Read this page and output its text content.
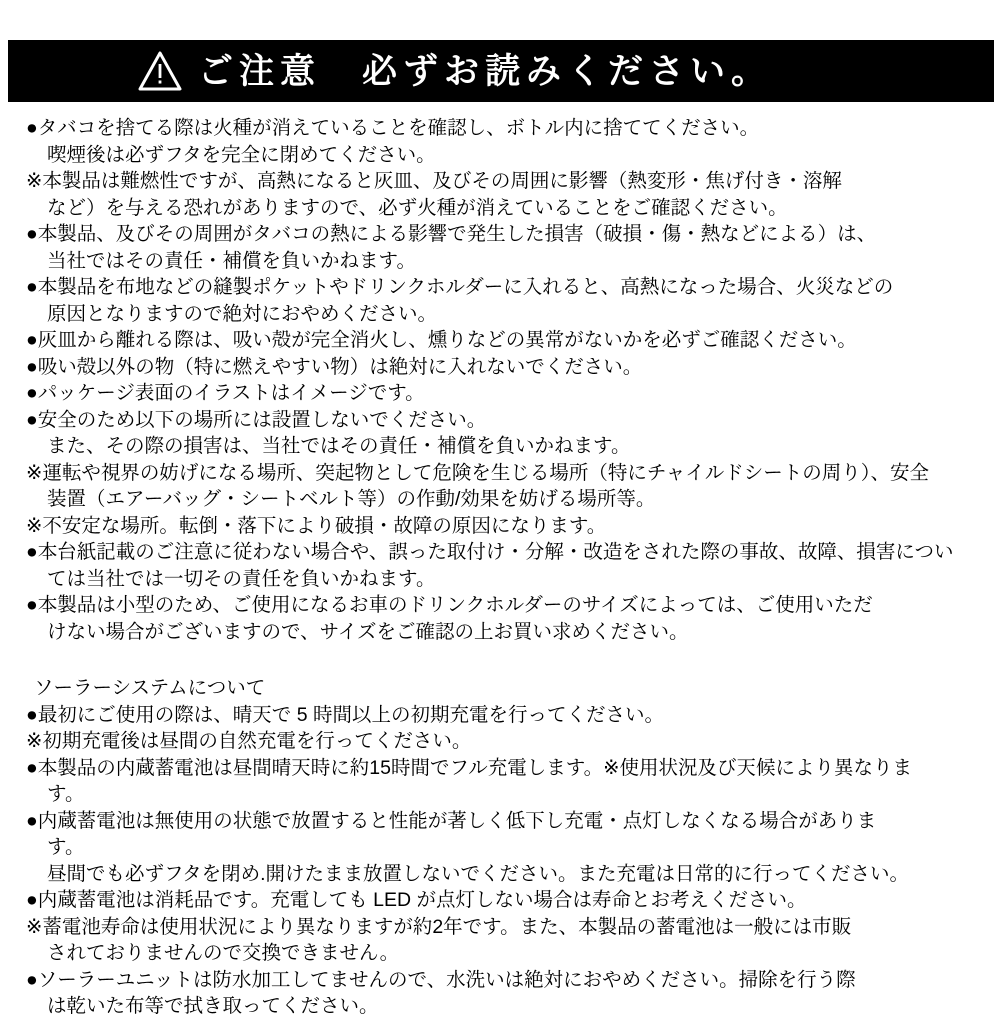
ご注意　必ずお読みください。
●タバコを捨てる際は火種が消えていることを確認し、ボトル内に捨ててください。
喫煙後は必ずフタを完全に閉めてください。
※本製品は難燃性ですが、高熱になると灰皿、及びその周囲に影響（熱変形・焦げ付き・溶解
など）を与える恐れがありますので、必ず火種が消えていることをご確認ください。
●本製品、及びその周囲がタバコの熱による影響で発生した損害（破損・傷・熱などによる）は、
当社ではその責任・補償を負いかねます。
●本製品を布地などの縫製ポケットやドリンクホルダーに入れると、高熱になった場合、火災などの
原因となりますので絶対におやめください。
●灰皿から離れる際は、吸い殻が完全消火し、燻りなどの異常がないかを必ずご確認ください。
●吸い殻以外の物（特に燃えやすい物）は絶対に入れないでください。
●パッケージ表面のイラストはイメージです。
●安全のため以下の場所には設置しないでください。
また、その際の損害は、当社ではその責任・補償を負いかねます。
※運転や視界の妨げになる場所、突起物として危険を生じる場所（特にチャイルドシートの周り）、安全
装置（エアーバッグ・シートベルト等）の作動/効果を妨げる場所等。
※不安定な場所。転倒・落下により破損・故障の原因になります。
●本台紙記載のご注意に従わない場合や、誤った取付け・分解・改造をされた際の事故、故障、損害につい
ては当社では一切その責任を負いかねます。
●本製品は小型のため、ご使用になるお車のドリンクホルダーのサイズによっては、ご使用いただ
けない場合がございますので、サイズをご確認の上お買い求めください。
ソーラーシステムについて
●最初にご使用の際は、晴天で 5 時間以上の初期充電を行ってください。
※初期充電後は昼間の自然充電を行ってください。
●本製品の内蔵蓄電池は昼間晴天時に約15時間でフル充電します。※使用状況及び天候により異なりま
す。
●内蔵蓄電池は無使用の状態で放置すると性能が著しく低下し充電・点灯しなくなる場合がありま
す。
昼間でも必ずフタを閉め.開けたまま放置しないでください。また充電は日常的に行ってください。
●内蔵蓄電池は消耗品です。充電しても LED が点灯しない場合は寿命とお考えください。
※蓄電池寿命は使用状況により異なりますが約2年です。また、本製品の蓄電池は一般には市販
されておりませんので交換できません。
●ソーラーユニットは防水加工してませんので、水洗いは絶対におやめください。掃除を行う際
は乾いた布等で拭き取ってください。
